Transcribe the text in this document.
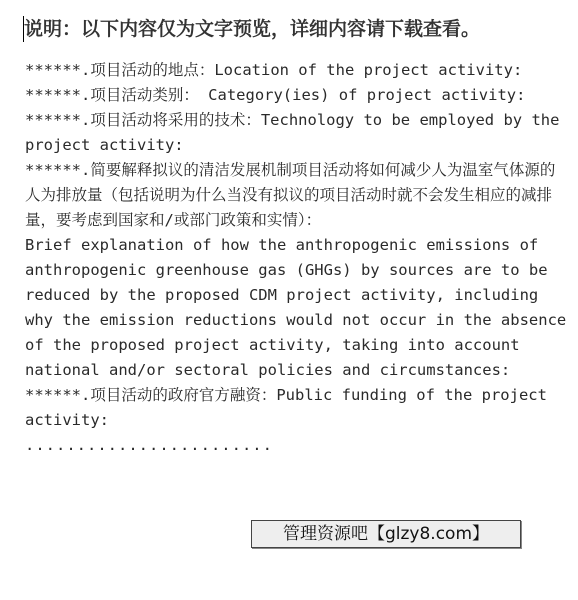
说明：以下内容仅为文字预览，详细内容请下载查看。

******.项目活动的地点：Location of the project activity:

******.项目活动类别： Category(ies) of project activity:

******.项目活动将采用的技术：Technology to be employed by the project activity:

******.简要解释拟议的清洁发展机制项目活动将如何减少人为温室气体源的人为排放量（包括说明为什么当没有拟议的项目活动时就不会发生相应的减排量，要考虑到国家和/或部门政策和实情）：

Brief explanation of how the anthropogenic emissions of anthropogenic greenhouse gas (GHGs) by sources are to be reduced by the proposed CDM project activity, including why the emission reductions would not occur in the absence of the proposed project activity, taking into account national and/or sectoral policies and circumstances:

******.项目活动的政府官方融资：Public funding of the project activity:

........................

管理资源吧【glzy8.com】
